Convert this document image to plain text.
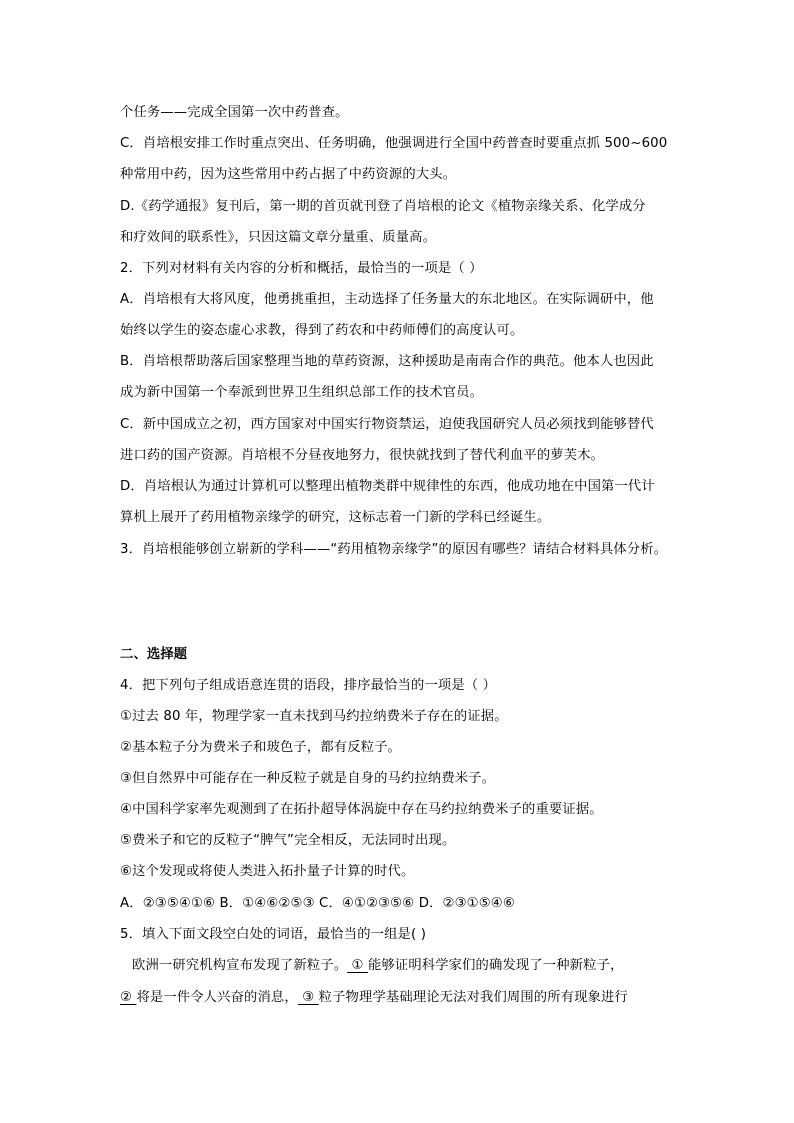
个任务——完成全国第一次中药普查。
C．肖培根安排工作时重点突出、任务明确，他强调进行全国中药普查时要重点抓 500~600
种常用中药，因为这些常用中药占据了中药资源的大头。
D.《药学通报》复刊后，第一期的首页就刊登了肖培根的论文《植物亲缘关系、化学成分
和疗效间的联系性》，只因这篇文章分量重、质量高。
2．下列对材料有关内容的分析和概括，最恰当的一项是（ ）
A．肖培根有大将风度，他勇挑重担，主动选择了任务量大的东北地区。在实际调研中，他
始终以学生的姿态虚心求教，得到了药农和中药师傅们的高度认可。
B．肖培根帮助落后国家整理当地的草药资源，这种援助是南南合作的典范。他本人也因此
成为新中国第一个奉派到世界卫生组织总部工作的技术官员。
C．新中国成立之初，西方国家对中国实行物资禁运，迫使我国研究人员必须找到能够替代
进口药的国产资源。肖培根不分昼夜地努力，很快就找到了替代利血平的萝芙木。
D．肖培根认为通过计算机可以整理出植物类群中规律性的东西，他成功地在中国第一代计
算机上展开了药用植物亲缘学的研究，这标志着一门新的学科已经诞生。
3．肖培根能够创立崭新的学科——“药用植物亲缘学”的原因有哪些？请结合材料具体分析。
二、选择题
4．把下列句子组成语意连贯的语段，排序最恰当的一项是（ ）
①过去 80 年，物理学家一直未找到马约拉纳费米子存在的证据。
②基本粒子分为费米子和玻色子，都有反粒子。
③但自然界中可能存在一种反粒子就是自身的马约拉纳费米子。
④中国科学家率先观测到了在拓扑超导体涡旋中存在马约拉纳费米子的重要证据。
⑤费米子和它的反粒子“脾气”完全相反，无法同时出现。
⑥这个发现或将使人类进入拓扑量子计算的时代。
A．②③⑤④①⑥ B．①④⑥②⑤③ C．④①②③⑤⑥ D．②③①⑤④⑥
5．填入下面文段空白处的词语，最恰当的一组是( )
欧洲一研究机构宣布发现了新粒子。 ① 能够证明科学家们的确发现了一种新粒子，
② 将是一件令人兴奋的消息， ③ 粒子物理学基础理论无法对我们周围的所有现象进行
